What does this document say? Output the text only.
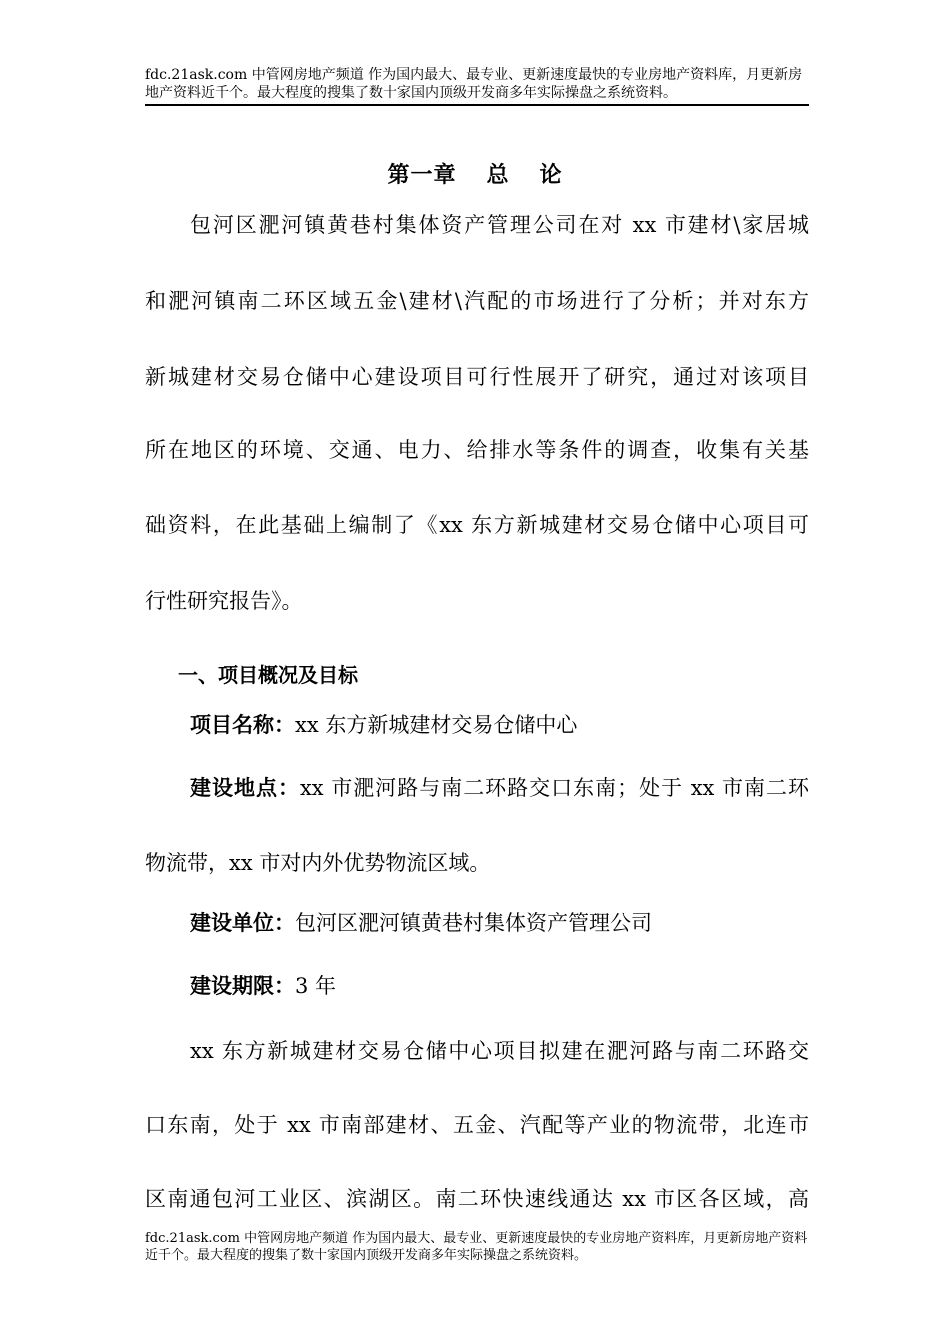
fdc.21ask.com 中管网房地产频道 作为国内最大、最专业、更新速度最快的专业房地产资料库，月更新房地产资料近千个。最大程度的搜集了数十家国内顶级开发商多年实际操盘之系统资料。
第一章 总 论
包河区淝河镇黄巷村集体资产管理公司在对 xx 市建材\家居城
和淝河镇南二环区域五金\建材\汽配的市场进行了分析；并对东方
新城建材交易仓储中心建设项目可行性展开了研究，通过对该项目
所在地区的环境、交通、电力、给排水等条件的调查，收集有关基
础资料，在此基础上编制了《xx 东方新城建材交易仓储中心项目可
行性研究报告》。
一、项目概况及目标
项目名称：xx 东方新城建材交易仓储中心
建设地点：xx 市淝河路与南二环路交口东南；处于 xx 市南二环
物流带，xx 市对内外优势物流区域。
建设单位：包河区淝河镇黄巷村集体资产管理公司
建设期限：3 年
xx 东方新城建材交易仓储中心项目拟建在淝河路与南二环路交
口东南，处于 xx 市南部建材、五金、汽配等产业的物流带，北连市
区南通包河工业区、滨湖区。南二环快速线通达 xx 市区各区域，高
fdc.21ask.com 中管网房地产频道 作为国内最大、最专业、更新速度最快的专业房地产资料库，月更新房地产资料近千个。最大程度的搜集了数十家国内顶级开发商多年实际操盘之系统资料。
